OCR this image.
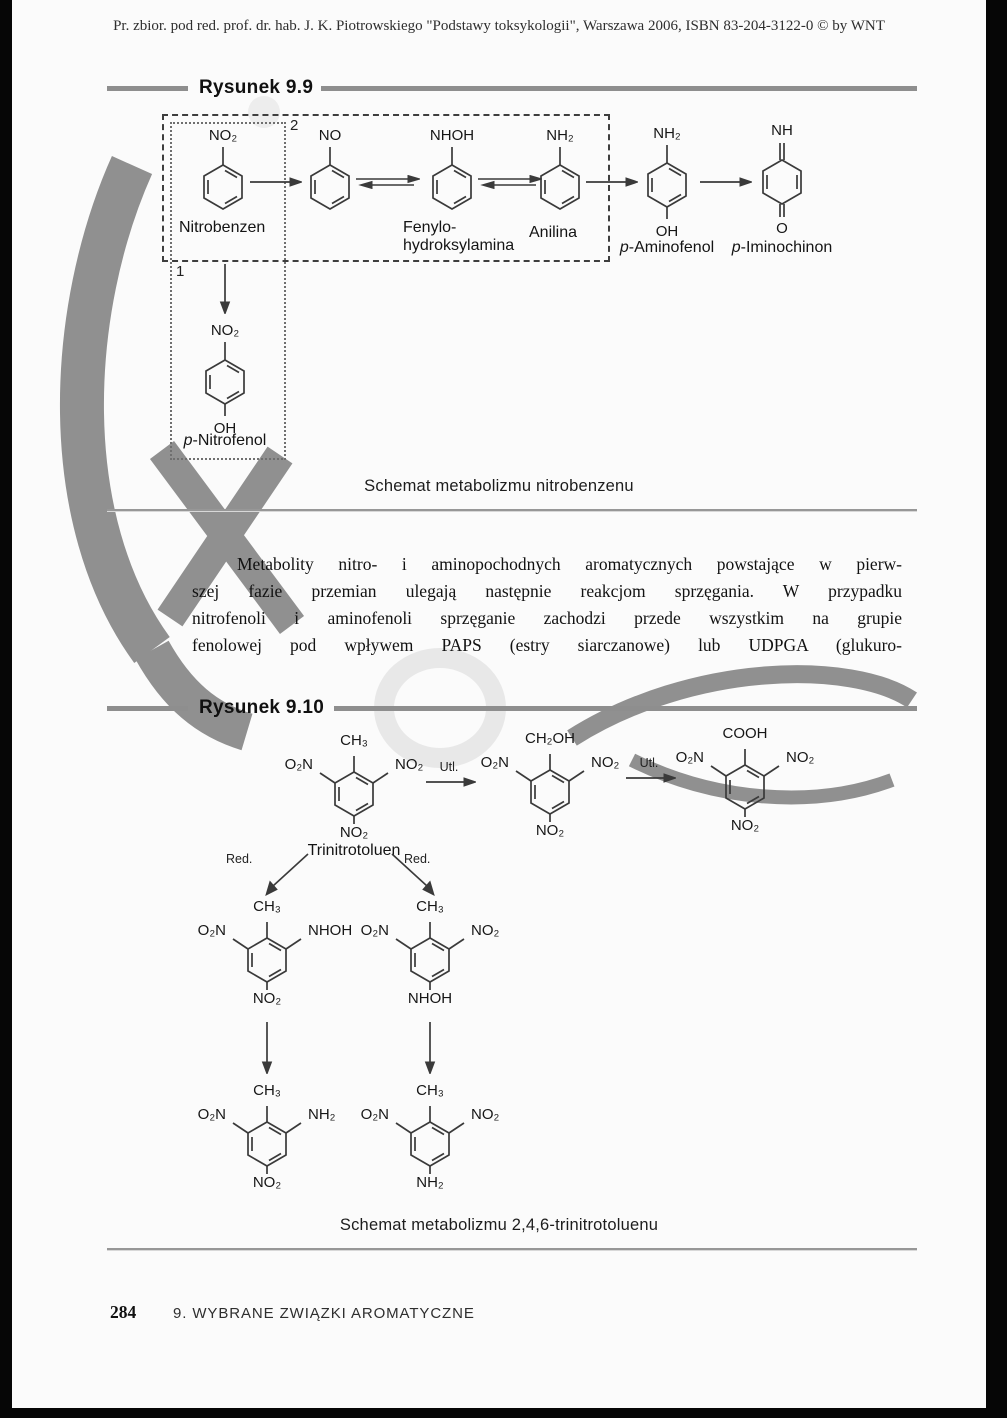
Pr. zbior. pod red. prof. dr. hab. J. K. Piotrowskiego "Podstawy toksykologii", Warszawa 2006, ISBN 83-204-3122-0 © by WNT
Rysunek 9.9
2
1
NO₂	NO	NHOH	NH₂	NH₂
OH
NH
O
Nitrobenzen	Fenylo-
hydroksylamina
Anilina
p-Aminofenol	p-Iminochinon
NO₂
OH
p-Nitrofenol
Schemat metabolizmu nitrobenzenu
Metabolity nitro- i aminopochodnych aromatycznych powstające w pierw-
szej fazie przemian ulegają następnie reakcjom sprzęgania. W przypadku
nitrofenoli i aminofenoli sprzęganie zachodzi przede wszystkim na grupie
fenolowej pod wpływem PAPS (estry siarczanowe) lub UDPGA (glukuro-
Rysunek 9.10
CH₃
O₂N	NO₂
NO₂
Trinitrotoluen
Utl.
CH₂OH
O₂N	NO₂
NO₂
Utl.
COOH
O₂N	NO₂
NO₂
Red.	Red.
CH₃
O₂N	NHOH
NO₂
CH₃
O₂N	NO₂
NHOH
CH₃
O₂N	NH₂
NO₂
CH₃
O₂N	NO₂
NH₂
Schemat metabolizmu 2,4,6-trinitrotoluenu
284 9. WYBRANE ZWIĄZKI AROMATYCZNE
